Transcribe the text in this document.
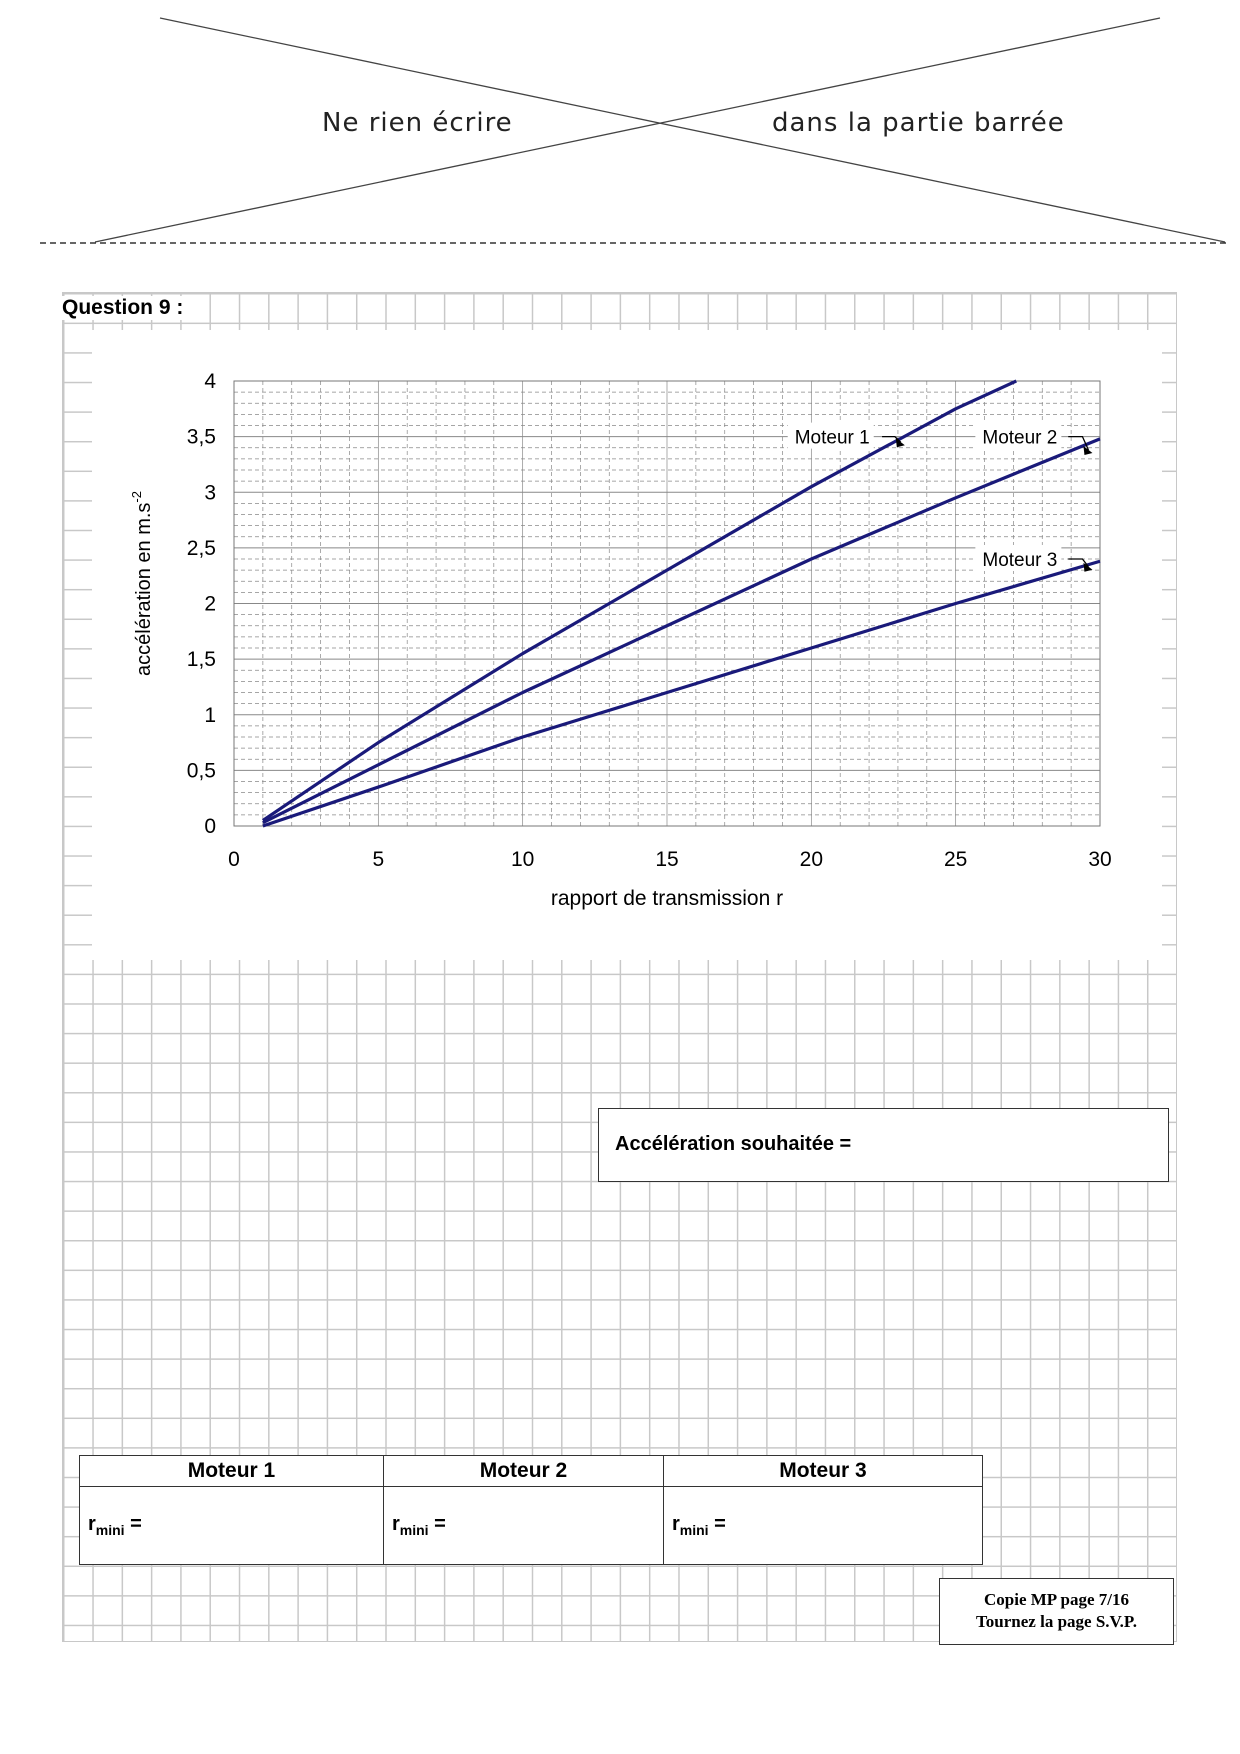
Ne rien écrire	dans la partie barrée
Question 9 :
Moteur 1	Moteur 2
Moteur 3
0	5	10	15	20	25	30
0
0,5
1
1,5
2
2,5
3
3,5
4
rapport de transmission r
accélération en $m.s^{-2}$
Accélération souhaitée =
Moteur 1	Moteur 2	Moteur 3
$r_{mini}$ =	$r_{mini}$ =	$r_{mini}$ =
Copie MP page 7/16
Tournez la page S.V.P.
